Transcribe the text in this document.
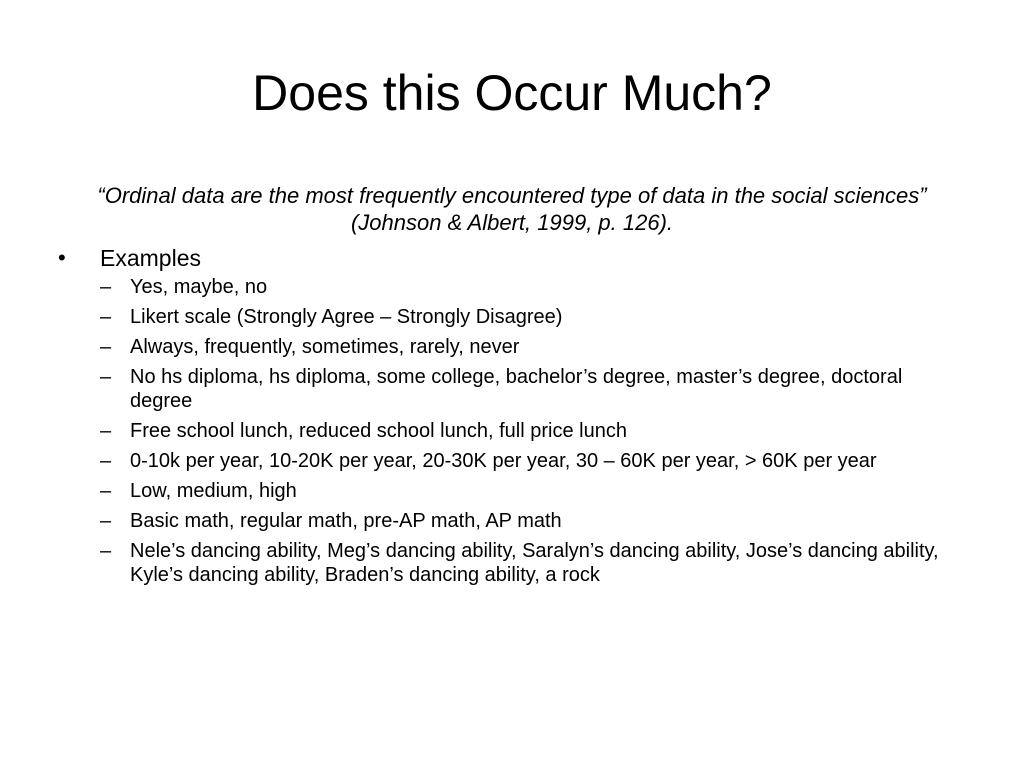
Does this Occur Much?

“Ordinal data are the most frequently encountered type of data in the social sciences” (Johnson & Albert, 1999, p. 126).

•	Examples
– Yes, maybe, no
– Likert scale (Strongly Agree – Strongly Disagree)
– Always, frequently, sometimes, rarely, never
– No hs diploma, hs diploma, some college, bachelor’s degree, master’s degree, doctoral degree
– Free school lunch, reduced school lunch, full price lunch
– 0-10k per year, 10-20K per year, 20-30K per year, 30 – 60K per year, > 60K per year
– Low, medium, high
– Basic math, regular math, pre-AP math, AP math
– Nele’s dancing ability, Meg’s dancing ability, Saralyn’s dancing ability, Jose’s dancing ability, Kyle’s dancing ability, Braden’s dancing ability, a rock
